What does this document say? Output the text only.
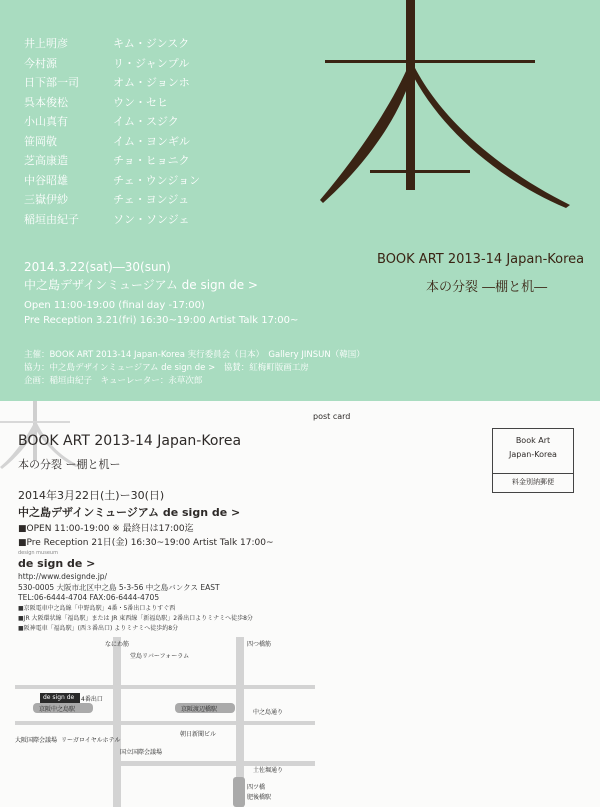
井上明彦
今村源
日下部一司
呉本俊松
小山真有
笹岡敬
芝高康造
中谷昭雄
三嶽伊紗
稲垣由紀子
キム・ジンスク
リ・ジャンプル
オム・ジョンホ
ウン・セヒ
イム・スジク
イム・ヨンギル
チョ・ヒョニク
チェ・ウンジョン
チェ・ヨンジュ
ソン・ソンジェ
BOOK ART 2013-14 Japan-Korea
本の分裂 ―棚と机―
2014.3.22(sat)―30(sun)
中之島デザインミュージアム de sign de >
Open 11:00-19:00 (final day -17:00)
Pre Reception 3.21(fri) 16:30~19:00 Artist Talk 17:00~
主催：BOOK ART 2013-14 Japan-Korea 実行委員会（日本）　Gallery JINSUN（韓国）
協力：中之島デザインミュージアム de sign de >　協賛：紅梅町版画工房
企画：稲垣由紀子　キューレーター：永草次郎
post card
BOOK ART 2013-14 Japan-Korea
本の分裂 ー棚と机ー
2014年3月22日(土)ー30(日)
中之島デザインミュージアム de sign de >
■OPEN 11:00-19:00 ※ 最終日は17:00迄
■Pre Reception 21日(金) 16:30~19:00 Artist Talk 17:00~
design museum
de sign de >
http://www.designde.jp/
530-0005 大阪市北区中之島 5-3-56 中之島バンクス EAST
TEL:06-6444-4704 FAX:06-6444-4705
■京阪電車中之島線「中野島駅」4番・5番出口よりすぐ西
■JR 大阪環状線「福島駅」または JR 東西線「新福島駅」2番出口よりミナミへ徒歩8分
■阪神電車「福島駅」(西３番出口) よりミナミへ徒歩約8分
Book Art
Japan-Korea
料金別納郵便
de sign de
京阪中之島駅	京阪渡辺橋駅
なにわ筋
堂島リバーフォーラム
四つ橋筋
4番出口
中之島通り
朝日新聞ビル
大阪国際会議場 リーガロイヤルホテル
国立国際会議場
土佐堀通り
四ツ橋
肥後橋駅
